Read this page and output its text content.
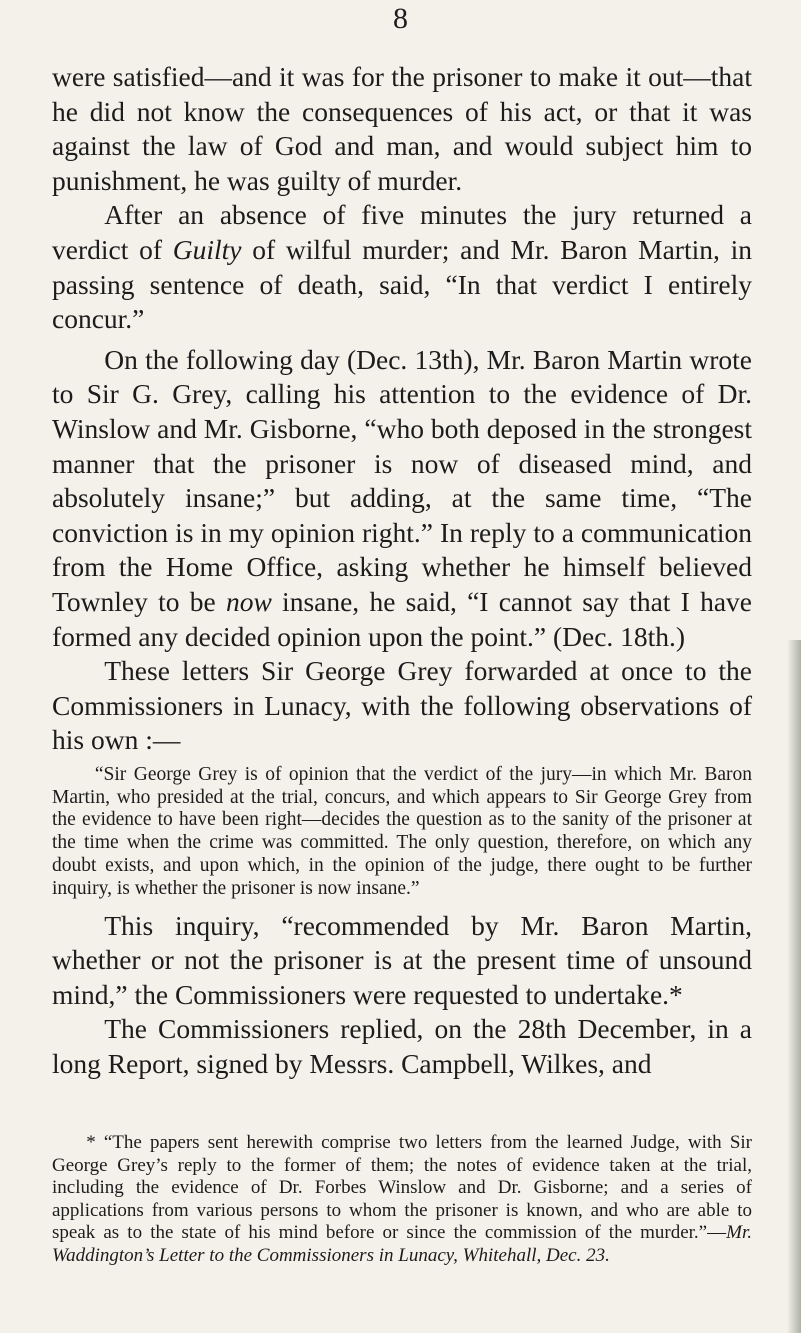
8

were satisfied—and it was for the prisoner to make it out—that he did not know the consequences of his act, or that it was against the law of God and man, and would subject him to punishment, he was guilty of murder.

After an absence of five minutes the jury returned a verdict of Guilty of wilful murder; and Mr. Baron Martin, in passing sentence of death, said, “In that verdict I entirely concur.”

On the following day (Dec. 13th), Mr. Baron Martin wrote to Sir G. Grey, calling his attention to the evidence of Dr. Winslow and Mr. Gisborne, “who both deposed in the strongest manner that the prisoner is now of diseased mind, and absolutely insane;” but adding, at the same time, “The conviction is in my opinion right.” In reply to a communication from the Home Office, asking whether he himself believed Townley to be now insane, he said, “I cannot say that I have formed any decided opinion upon the point.” (Dec. 18th.)

These letters Sir George Grey forwarded at once to the Commissioners in Lunacy, with the following observations of his own :—

“Sir George Grey is of opinion that the verdict of the jury—in which Mr. Baron Martin, who presided at the trial, concurs, and which appears to Sir George Grey from the evidence to have been right—decides the question as to the sanity of the prisoner at the time when the crime was committed. The only question, therefore, on which any doubt exists, and upon which, in the opinion of the judge, there ought to be further inquiry, is whether the prisoner is now insane.”

This inquiry, “recommended by Mr. Baron Martin, whether or not the prisoner is at the present time of unsound mind,” the Commissioners were requested to undertake.*

The Commissioners replied, on the 28th December, in a long Report, signed by Messrs. Campbell, Wilkes, and

* “The papers sent herewith comprise two letters from the learned Judge, with Sir George Grey’s reply to the former of them; the notes of evidence taken at the trial, including the evidence of Dr. Forbes Winslow and Dr. Gisborne; and a series of applications from various persons to whom the prisoner is known, and who are able to speak as to the state of his mind before or since the commission of the murder.”—Mr. Waddington’s Letter to the Commissioners in Lunacy, Whitehall, Dec. 23.
